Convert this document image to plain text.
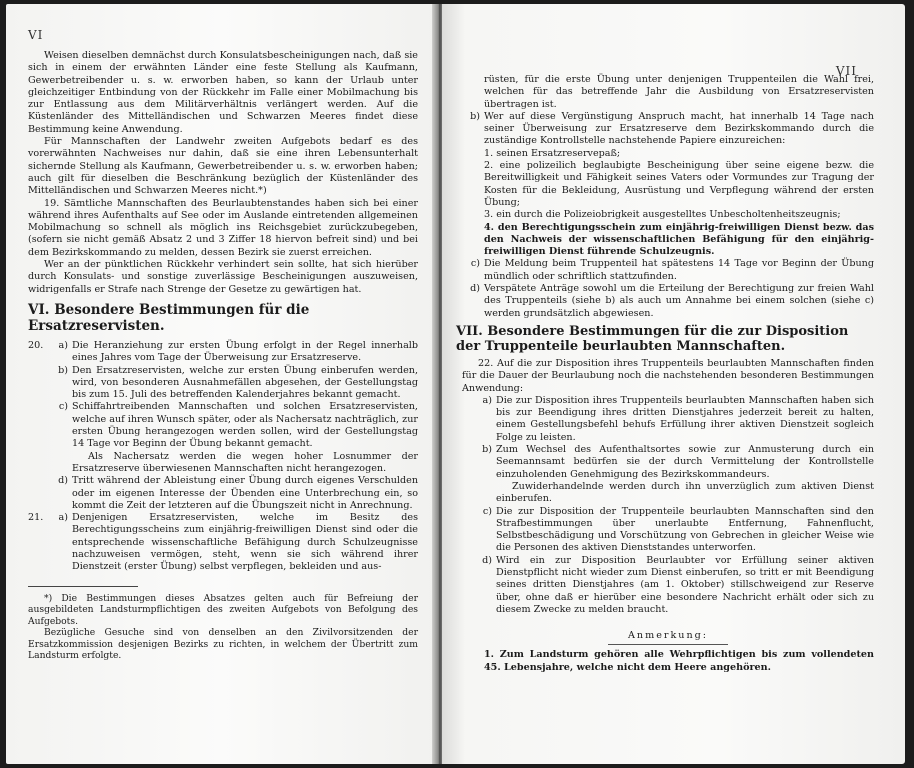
VI

Weisen dieselben demnächst durch Konsulatsbescheinigungen nach, daß sie sich in einem der erwähnten Länder eine feste Stellung als Kaufmann, Gewerbetreibender u. s. w. erworben haben, so kann der Urlaub unter gleichzeitiger Entbindung von der Rückkehr im Falle einer Mobilmachung bis zur Entlassung aus dem Militärverhältnis verlängert werden. Auf die Küstenländer des Mittelländischen und Schwarzen Meeres findet diese Bestimmung keine Anwendung.

Für Mannschaften der Landwehr zweiten Aufgebots bedarf es des vorerwähnten Nachweises nur dahin, daß sie eine ihren Lebensunterhalt sichernde Stellung als Kaufmann, Gewerbetreibender u. s. w. erworben haben; auch gilt für dieselben die Beschränkung bezüglich der Küstenländer des Mittelländischen und Schwarzen Meeres nicht.*)

19. Sämtliche Mannschaften des Beurlaubtenstandes haben sich bei einer während ihres Aufenthalts auf See oder im Auslande eintretenden allgemeinen Mobilmachung so schnell als möglich ins Reichsgebiet zurückzubegeben, (sofern sie nicht gemäß Absatz 2 und 3 Ziffer 18 hiervon befreit sind) und bei dem Bezirkskommando zu melden, dessen Bezirk sie zuerst erreichen.

Wer an der pünktlichen Rückkehr verhindert sein sollte, hat sich hierüber durch Konsulats- und sonstige zuverlässige Bescheinigungen auszuweisen, widrigenfalls er Strafe nach Strenge der Gesetze zu gewärtigen hat.

VI. Besondere Bestimmungen für die Ersatzreservisten.
20.	a) Die Heranziehung zur ersten Übung erfolgt in der Regel innerhalb eines Jahres vom Tage der Überweisung zur Ersatzreserve.
b) Den Ersatzreservisten, welche zur ersten Übung einberufen werden, wird, von besonderen Ausnahmefällen abgesehen, der Gestellungstag bis zum 15. Juli des betreffenden Kalenderjahres bekannt gemacht.
c) Schiffahrtreibenden Mannschaften und solchen Ersatzreservisten, welche auf ihren Wunsch später, oder als Nachersatz nachträglich, zur ersten Übung herangezogen werden sollen, wird der Gestellungstag 14 Tage vor Beginn der Übung bekannt gemacht.
Als Nachersatz werden die wegen hoher Losnummer der Ersatzreserve überwiesenen Mannschaften nicht herangezogen.
d) Tritt während der Ableistung einer Übung durch eigenes Verschulden oder im eigenen Interesse der Übenden eine Unterbrechung ein, so kommt die Zeit der letzteren auf die Übungszeit nicht in Anrechnung.
21.	a) Denjenigen Ersatzreservisten, welche im Besitz des Berechtigungsscheins zum einjährig-freiwilligen Dienst sind oder die entsprechende wissenschaftliche Befähigung durch Schulzeugnisse nachzuweisen vermögen, steht, wenn sie sich während ihrer Dienstzeit (erster Übung) selbst verpflegen, bekleiden und aus-

*) Die Bestimmungen dieses Absatzes gelten auch für Befreiung der ausgebildeten Landsturmpflichtigen des zweiten Aufgebots von Befolgung des Aufgebots.

Bezügliche Gesuche sind von denselben an den Zivilvorsitzenden der Ersatzkommission desjenigen Bezirks zu richten, in welchem der Übertritt zum Landsturm erfolgte.

VII

rüsten, für die erste Übung unter denjenigen Truppenteilen die Wahl frei, welchen für das betreffende Jahr die Ausbildung von Ersatzreservisten übertragen ist.

b) Wer auf diese Vergünstigung Anspruch macht, hat innerhalb 14 Tage nach seiner Überweisung zur Ersatzreserve dem Bezirkskommando durch die zuständige Kontrollstelle nachstehende Papiere einzureichen:

1. seinen Ersatzreservepaß;

2. eine polizeilich beglaubigte Bescheinigung über seine eigene bezw. die Bereitwilligkeit und Fähigkeit seines Vaters oder Vormundes zur Tragung der Kosten für die Bekleidung, Ausrüstung und Verpflegung während der ersten Übung;

3. ein durch die Polizeiobrigkeit ausgestelltes Unbescholtenheitszeugnis;

4. den Berechtigungsschein zum einjährig-freiwilligen Dienst bezw. das den Nachweis der wissenschaftlichen Befähigung für den einjährig-freiwilligen Dienst führende Schulzeugnis.

c) Die Meldung beim Truppenteil hat spätestens 14 Tage vor Beginn der Übung mündlich oder schriftlich stattzufinden.
d) Verspätete Anträge sowohl um die Erteilung der Berechtigung zur freien Wahl des Truppenteils (siehe b) als auch um Annahme bei einem solchen (siehe c) werden grundsätzlich abgewiesen.
VII. Besondere Bestimmungen für die zur Disposition der Truppenteile beurlaubten Mannschaften.

22. Auf die zur Disposition ihres Truppenteils beurlaubten Mannschaften finden für die Dauer der Beurlaubung noch die nachstehenden besonderen Bestimmungen Anwendung:

a) Die zur Disposition ihres Truppenteils beurlaubten Mannschaften haben sich bis zur Beendigung ihres dritten Dienstjahres jederzeit bereit zu halten, einem Gestellungsbefehl behufs Erfüllung ihrer aktiven Dienstzeit sogleich Folge zu leisten.
b) Zum Wechsel des Aufenthaltsortes sowie zur Anmusterung durch ein Seemannsamt bedürfen sie der durch Vermittelung der Kontrollstelle einzuholenden Genehmigung des Bezirkskommandeurs.
Zuwiderhandelnde werden durch ihn unverzüglich zum aktiven Dienst einberufen.
c) Die zur Disposition der Truppenteile beurlaubten Mannschaften sind den Strafbestimmungen über unerlaubte Entfernung, Fahnenflucht, Selbstbeschädigung und Vorschützung von Gebrechen in gleicher Weise wie die Personen des aktiven Dienststandes unterworfen.
d) Wird ein zur Disposition Beurlaubter vor Erfüllung seiner aktiven Dienstpflicht nicht wieder zum Dienst einberufen, so tritt er mit Beendigung seines dritten Dienstjahres (am 1. Oktober) stillschweigend zur Reserve über, ohne daß er hierüber eine besondere Nachricht erhält oder sich zu diesem Zwecke zu melden braucht.
Anmerkung:

1. Zum Landsturm gehören alle Wehrpflichtigen bis zum vollendeten 45. Lebensjahre, welche nicht dem Heere angehören.
